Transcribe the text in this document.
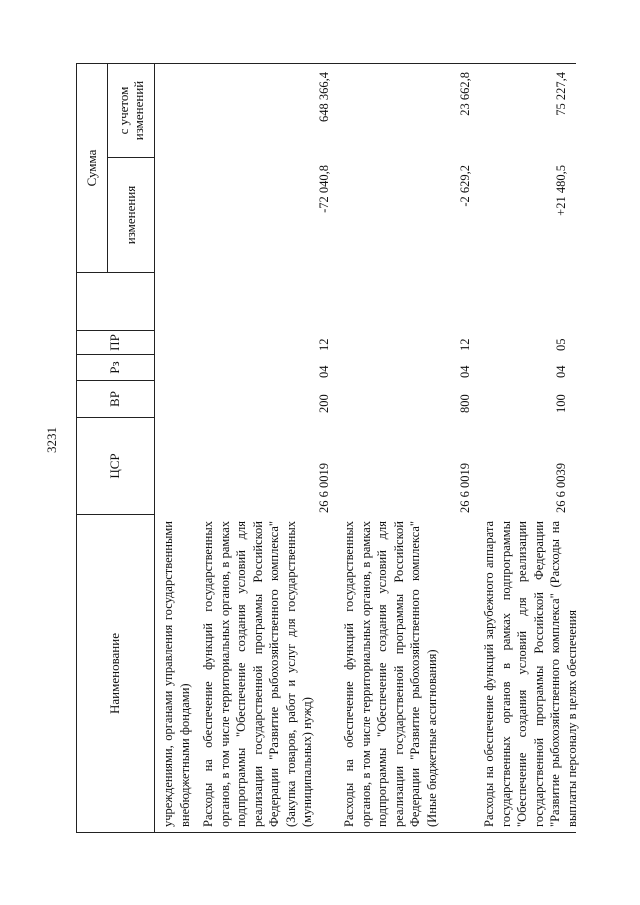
3231
Наименование
ЦСР
ВР
Рз
ПР
Сумма
изменения
с учетом изменений
учреждениями, органами управления государственными внебюджетными фондами) Расходы на обеспечение функций государственных органов, в том числе территориальных органов, в рамках подпрограммы "Обеспечение создания условий для реализации государственной программы Российской Федерации "Развитие рыбохозяйственного комплекса" (Закупка товаров, работ и услуг для государственных (муниципальных) нужд)
26 6 0019
200
04
12
-72 040,8
648 366,4
Расходы на обеспечение функций государственных органов, в том числе территориальных органов, в рамках подпрограммы "Обеспечение создания условий для реализации государственной программы Российской Федерации "Развитие рыбохозяйственного комплекса" (Иные бюджетные ассигнования)
26 6 0019
800
04
12
-2 629,2
23 662,8
Расходы на обеспечение функций зарубежного аппарата государственных органов в рамках подпрограммы "Обеспечение создания условий для реализации государственной программы Российской Федерации "Развитие рыбохозяйственного комплекса" (Расходы на выплаты персоналу в целях обеспечения
26 6 0039
100
04
05
+21 480,5
75 227,4
